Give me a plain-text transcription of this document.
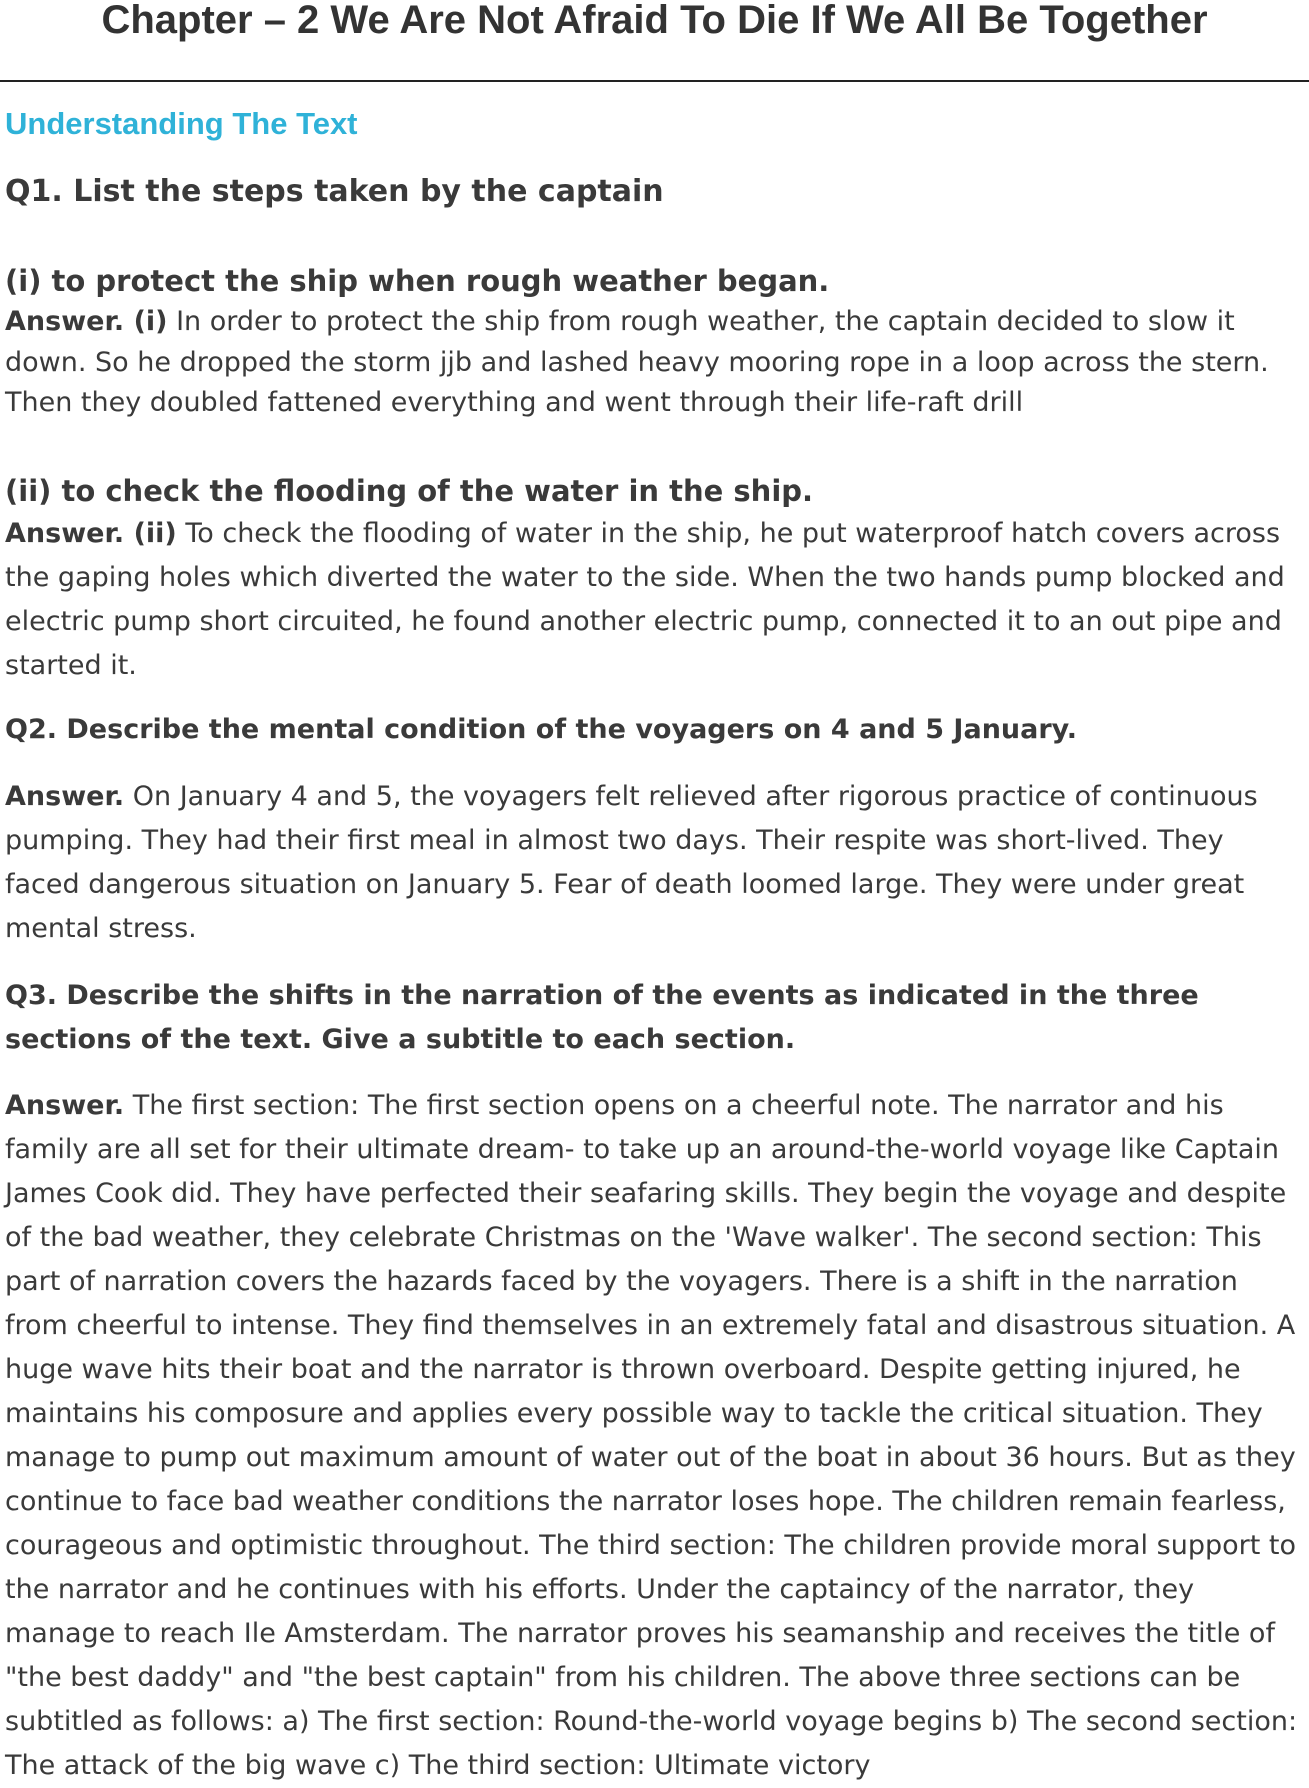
Chapter – 2 We Are Not Afraid To Die If We All Be Together
Understanding The Text
Q1. List the steps taken by the captain
(i) to protect the ship when rough weather began.
Answer. (i) In order to protect the ship from rough weather, the captain decided to slow it down. So he dropped the storm jjb and lashed heavy mooring rope in a loop across the stern. Then they doubled fattened everything and went through their life-raft drill
(ii) to check the flooding of the water in the ship.
Answer. (ii) To check the flooding of water in the ship, he put waterproof hatch covers across the gaping holes which diverted the water to the side. When the two hands pump blocked and electric pump short circuited, he found another electric pump, connected it to an out pipe and started it.
Q2. Describe the mental condition of the voyagers on 4 and 5 January.
Answer. On January 4 and 5, the voyagers felt relieved after rigorous practice of continuous pumping. They had their first meal in almost two days. Their respite was short-lived. They faced dangerous situation on January 5. Fear of death loomed large. They were under great mental stress.
Q3. Describe the shifts in the narration of the events as indicated in the three sections of the text. Give a subtitle to each section.
Answer. The first section: The first section opens on a cheerful note. The narrator and his family are all set for their ultimate dream- to take up an around-the-world voyage like Captain James Cook did. They have perfected their seafaring skills. They begin the voyage and despite of the bad weather, they celebrate Christmas on the 'Wave walker'. The second section: This part of narration covers the hazards faced by the voyagers. There is a shift in the narration from cheerful to intense. They find themselves in an extremely fatal and disastrous situation. A huge wave hits their boat and the narrator is thrown overboard. Despite getting injured, he maintains his composure and applies every possible way to tackle the critical situation. They manage to pump out maximum amount of water out of the boat in about 36 hours. But as they continue to face bad weather conditions the narrator loses hope. The children remain fearless, courageous and optimistic throughout. The third section: The children provide moral support to the narrator and he continues with his efforts. Under the captaincy of the narrator, they manage to reach Ile Amsterdam. The narrator proves his seamanship and receives the title of "the best daddy" and "the best captain" from his children. The above three sections can be subtitled as follows: a) The first section: Round-the-world voyage begins b) The second section: The attack of the big wave c) The third section: Ultimate victory
